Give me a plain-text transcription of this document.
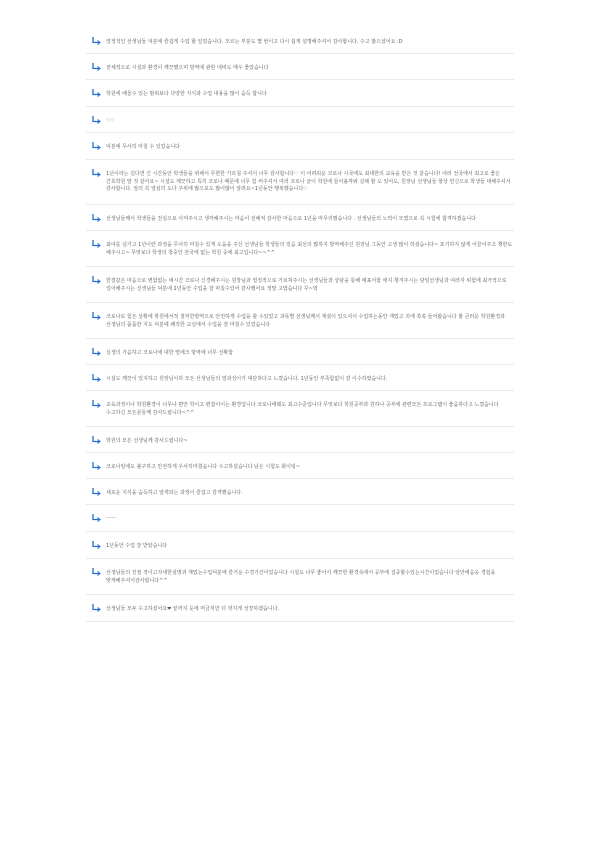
열정적인 선생님들 덕분에 즐겁게 수업 할 일었습니다. 모르는 부분도 몇 번이고 다시 쉽게 설명해주셔서 감사합니다. 수고 많으셨어요 :D

전체적으로 시설과 환경이 깨끗했으며 방역에 관한 대비도 매우 좋았습니다

학원에 배울수 있는 범위보다 다양한 지식과 수업 내용을 많이 습득 합니다

♡♡

덕분에 무사히 마칠 수 있었습니다

1년이라는 길다면 긴 시간동안 학생들을 위해서 무한한 가르침 주셔서 너무 감사합니다♡ 이 어려워운 코로나 시국에도 최대한의 교육을 받은 것 같습니다! 여러 전국에서 최고로 좋은 간호학원 말 것 같아요~ 시설도 깨끗하고 특히 코로나 때문에 너무 힘 써주셔서 여러 코로나 균이 학원에 들어올까봐 실례 할 도 있어도, 원장님 선생님들 항상 헌신으로 학생들 대해주셔서 감사합니다. 앞의 꼭 열심히 도다 주위에 많으로도 많이많이 알려요~1년동안 행복했습니다♡

선생님들께서 학생들을 친심으로 아껴주시고 생각해주시는 마음이 전해져 감사한 마음으로 1년을 마무리했습니다 . 선생님들의 노력이 모였으로 꼭 시험에 합격하겠습니다

최여를 넘기고 1년이란 과정을 무사히 마칠수 있게 도움을 주신 선생님들 학생들의 얼음 최선의 많하지 방역해주신 원장님 그동안 고생 많이 하셨습니다~ 포기하지 않게 이끌어주고 챙한도 해주시고~ 무엇보다 학생의 창중인 전국에 없는 학원 중에 최고입니다~~^^

한결같은 마음으로 변함없는 애시간 코로나 신경해주시는 원장님과 열정적으로 가르쳐주시는 선생님들과 상담을 통해 예표서함 애지 챙겨주시는 담임선생님과 여러자 위험에 최극적으로 얼어해주시는 선생님들 덕분에 1년동안 수업을 잘 마칠수있어 감사했어요 정말 고맙습니다 꾸~벅

코로나로 힘든 상황에 학원에서적 철저한방역으로 안전하게 수업을 할 수있었고 과목별 선생님께서 계셨이 있으셔서 수업하는동안 재밌고 귀에 쏙쏙 들어왔습니다 할 큰러운 학원환경과 선생님의 품품한 지도 덕분에 쾌적한 교실에서 수업을 잘 마칠수 있었습니다

실생의 가음하고 코로나에 대한 떨에크 방역에 너무 선확함

시설도 깨끗이 있지하고 원장님이하 모든 선생님들의 열과성이가 대단하다고 느꼈습니다. 1년동안 부족함없이 잘 이수하였습니다.

교육과정이나 학원환경이 너무나 편안 학이고 편잡이이는 환경입니다 코로나에웨도 최고수준입니다 무엇보다 학원공부과 원하나 공부에 관련모든 프로그램이 좋음하다고 느꼈습니다 수고하신 모든분들께 감사드립니다~^^

학원의 모든 선생님께 감사드립니다~

코로나임에도 불구하고 안전하게 우사히마쳤습니다 수고하셨습니다 남은 시험도 화이팅~

새로운 지식을 습득하고 알게되는 과정이 즐겁고 감격했습니다.

ㅡㅡ

1년동안 수업 잘 받았습니다

선생님들의 친절 적이고자세한설명과 재밌는수업덕분에 즐거운 수경기간이었습니다 시설도 너무 좋아서 깨끗한 환경속에서 공부에 집중할수있는시간이었습니다 앞만에음옹 경험을 맞게해주셔서감사합니다^^

선생님들 모두 수고하셨어요❤ 끝까지 옷에 머금처만 더 멋지게 성장하겠습니다.
